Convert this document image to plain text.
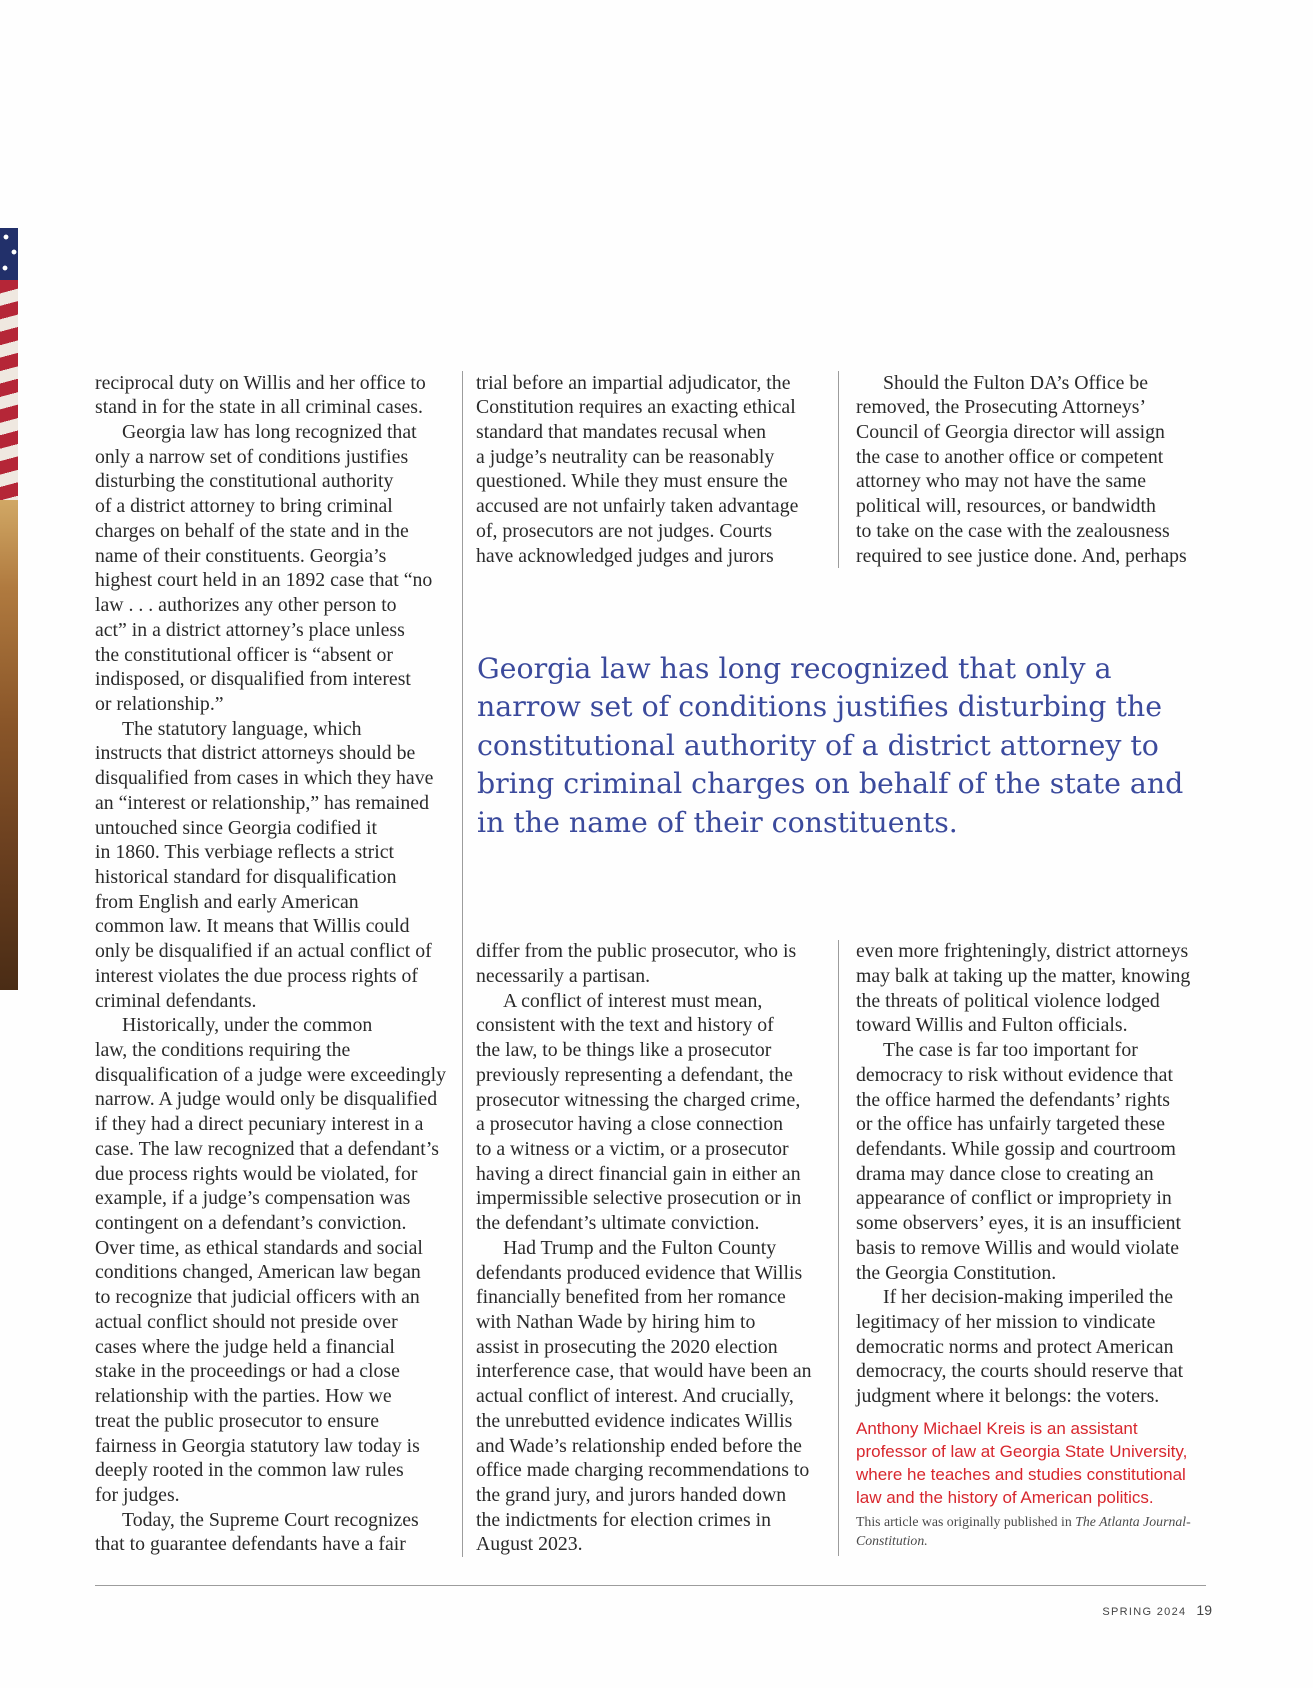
reciprocal duty on Willis and her office to
stand in for the state in all criminal cases.
Georgia law has long recognized that
only a narrow set of conditions justifies
disturbing the constitutional authority
of a district attorney to bring criminal
charges on behalf of the state and in the
name of their constituents. Georgia’s
highest court held in an 1892 case that “no
law . . . authorizes any other person to
act” in a district attorney’s place unless
the constitutional officer is “absent or
indisposed, or disqualified from interest
or relationship.”
The statutory language, which
instructs that district attorneys should be
disqualified from cases in which they have
an “interest or relationship,” has remained
untouched since Georgia codified it
in 1860. This verbiage reflects a strict
historical standard for disqualification
from English and early American
common law. It means that Willis could
only be disqualified if an actual conflict of
interest violates the due process rights of
criminal defendants.
Historically, under the common
law, the conditions requiring the
disqualification of a judge were exceedingly
narrow. A judge would only be disqualified
if they had a direct pecuniary interest in a
case. The law recognized that a defendant’s
due process rights would be violated, for
example, if a judge’s compensation was
contingent on a defendant’s conviction.
Over time, as ethical standards and social
conditions changed, American law began
to recognize that judicial officers with an
actual conflict should not preside over
cases where the judge held a financial
stake in the proceedings or had a close
relationship with the parties. How we
treat the public prosecutor to ensure
fairness in Georgia statutory law today is
deeply rooted in the common law rules
for judges.
Today, the Supreme Court recognizes
that to guarantee defendants have a fair
trial before an impartial adjudicator, the
Constitution requires an exacting ethical
standard that mandates recusal when
a judge’s neutrality can be reasonably
questioned. While they must ensure the
accused are not unfairly taken advantage
of, prosecutors are not judges. Courts
have acknowledged judges and jurors
Should the Fulton DA’s Office be
removed, the Prosecuting Attorneys’
Council of Georgia director will assign
the case to another office or competent
attorney who may not have the same
political will, resources, or bandwidth
to take on the case with the zealousness
required to see justice done. And, perhaps
Georgia law has long recognized that only a
narrow set of conditions justifies disturbing the
constitutional authority of a district attorney to
bring criminal charges on behalf of the state and
in the name of their constituents.
differ from the public prosecutor, who is
necessarily a partisan.
A conflict of interest must mean,
consistent with the text and history of
the law, to be things like a prosecutor
previously representing a defendant, the
prosecutor witnessing the charged crime,
a prosecutor having a close connection
to a witness or a victim, or a prosecutor
having a direct financial gain in either an
impermissible selective prosecution or in
the defendant’s ultimate conviction.
Had Trump and the Fulton County
defendants produced evidence that Willis
financially benefited from her romance
with Nathan Wade by hiring him to
assist in prosecuting the 2020 election
interference case, that would have been an
actual conflict of interest. And crucially,
the unrebutted evidence indicates Willis
and Wade’s relationship ended before the
office made charging recommendations to
the grand jury, and jurors handed down
the indictments for election crimes in
August 2023.
even more frighteningly, district attorneys
may balk at taking up the matter, knowing
the threats of political violence lodged
toward Willis and Fulton officials.
The case is far too important for
democracy to risk without evidence that
the office harmed the defendants’ rights
or the office has unfairly targeted these
defendants. While gossip and courtroom
drama may dance close to creating an
appearance of conflict or impropriety in
some observers’ eyes, it is an insufficient
basis to remove Willis and would violate
the Georgia Constitution.
If her decision-making imperiled the
legitimacy of her mission to vindicate
democratic norms and protect American
democracy, the courts should reserve that
judgment where it belongs: the voters.
Anthony Michael Kreis is an assistant
professor of law at Georgia State University,
where he teaches and studies constitutional
law and the history of American politics.
This article was originally published in The Atlanta Journal-
Constitution.
SPRING 2024 19
